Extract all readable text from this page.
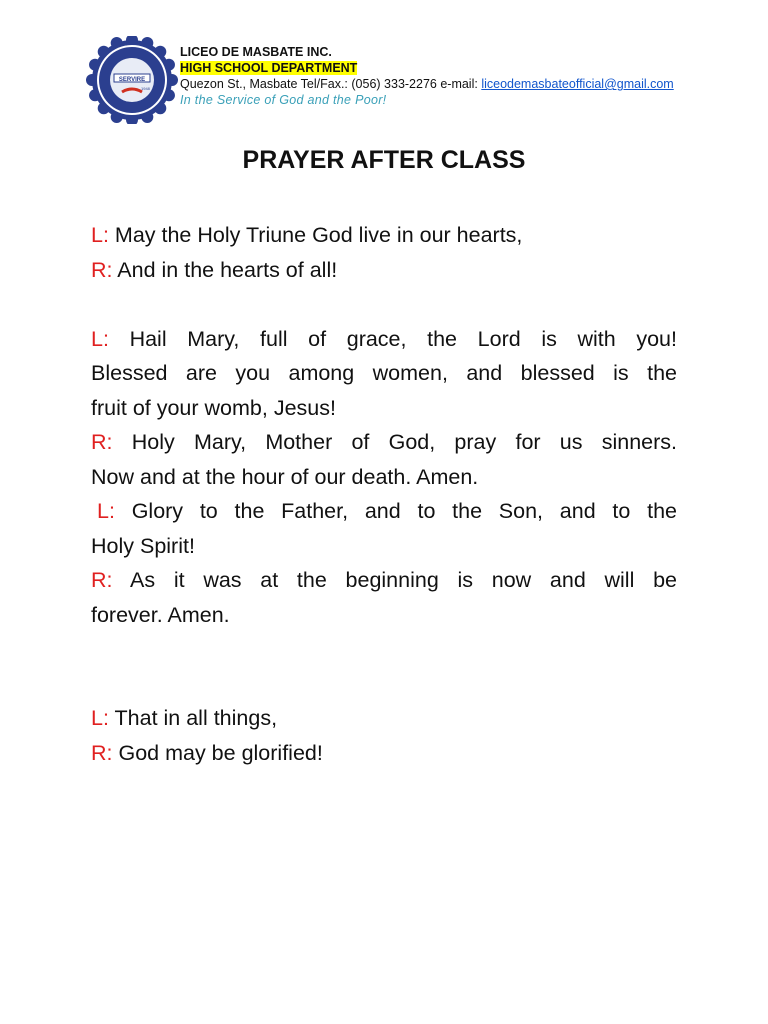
SERVIRE
1948
LICEO DE MASBATE INC.
HIGH SCHOOL DEPARTMENT
Quezon St., Masbate Tel/Fax.: (056) 333-2276 e-mail: liceodemasbateofficial@gmail.com
In the Service of God and the Poor!
PRAYER AFTER CLASS
L: May the Holy Triune God live in our hearts,
R: And in the hearts of all!
L: Hail Mary, full of grace, the Lord is with you!
Blessed are you among women, and blessed is the
fruit of your womb, Jesus!
R: Holy Mary, Mother of God, pray for us sinners.
Now and at the hour of our death. Amen.
L: Glory to the Father, and to the Son, and to the
Holy Spirit!
R: As it was at the beginning is now and will be
forever. Amen.
L: That in all things,
R: God may be glorified!
